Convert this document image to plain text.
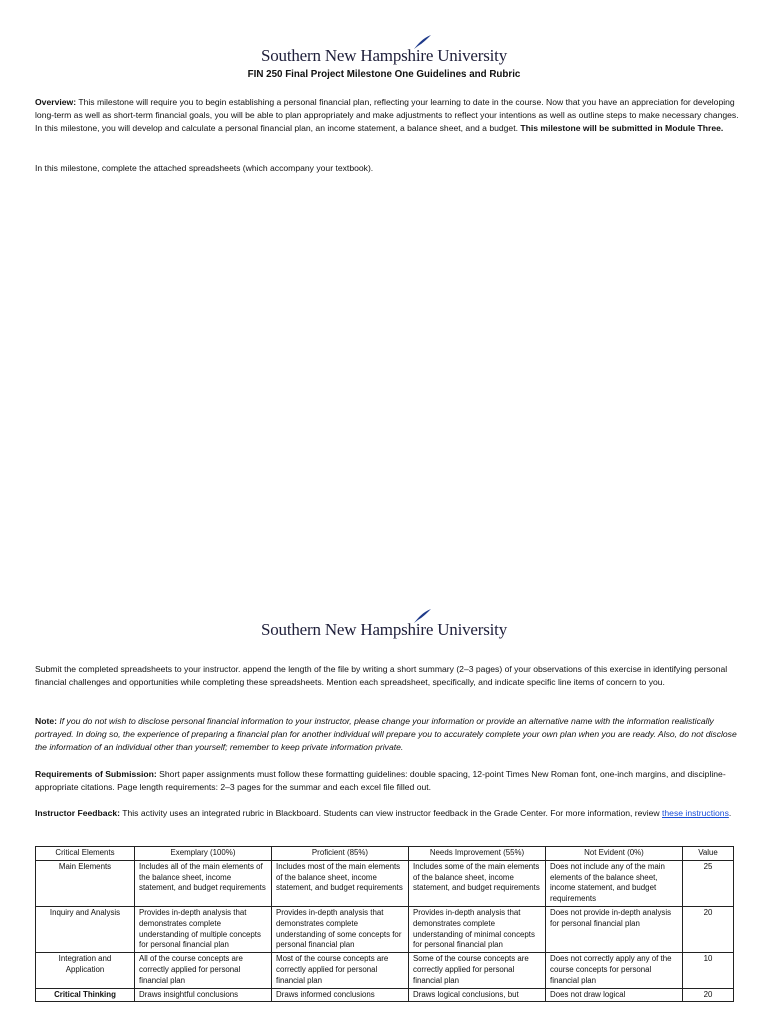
Southern New Hampshire University
FIN 250 Final Project Milestone One Guidelines and Rubric
Overview: This milestone will require you to begin establishing a personal financial plan, reflecting your learning to date in the course. Now that you have an appreciation for developing long-term as well as short-term financial goals, you will be able to plan appropriately and make adjustments to reflect your intentions as well as outline steps to make necessary changes. In this milestone, you will develop and calculate a personal financial plan, an income statement, a balance sheet, and a budget. This milestone will be submitted in Module Three.
In this milestone, complete the attached spreadsheets (which accompany your textbook).
Southern New Hampshire University
Submit the completed spreadsheets to your instructor. append the length of the file by writing a short summary (2–3 pages) of your observations of this exercise in identifying personal financial challenges and opportunities while completing these spreadsheets. Mention each spreadsheet, specifically, and indicate specific line items of concern to you.
Note: If you do not wish to disclose personal financial information to your instructor, please change your information or provide an alternative name with the information realistically portrayed. In doing so, the experience of preparing a financial plan for another individual will prepare you to accurately complete your own plan when you are ready. Also, do not disclose the information of an individual other than yourself; remember to keep private information private.
Requirements of Submission: Short paper assignments must follow these formatting guidelines: double spacing, 12-point Times New Roman font, one-inch margins, and discipline-appropriate citations. Page length requirements: 2–3 pages for the summar and each excel file filled out.
Instructor Feedback: This activity uses an integrated rubric in Blackboard. Students can view instructor feedback in the Grade Center. For more information, review these instructions.
Critical Elements	Exemplary (100%)	Proficient (85%)	Needs Improvement (55%)	Not Evident (0%)	Value
Main Elements	Includes all of the main elements of the balance sheet, income statement, and budget requirements	Includes most of the main elements of the balance sheet, income statement, and budget requirements	Includes some of the main elements of the balance sheet, income statement, and budget requirements	Does not include any of the main elements of the balance sheet, income statement, and budget requirements	25
Inquiry and Analysis	Provides in-depth analysis that demonstrates complete understanding of multiple concepts for personal financial plan	Provides in-depth analysis that demonstrates complete understanding of some concepts for personal financial plan	Provides in-depth analysis that demonstrates complete understanding of minimal concepts for personal financial plan	Does not provide in-depth analysis for personal financial plan	20
Integration and Application	All of the course concepts are correctly applied for personal financial plan	Most of the course concepts are correctly applied for personal financial plan	Some of the course concepts are correctly applied for personal financial plan	Does not correctly apply any of the course concepts for personal financial plan	10
Critical Thinking	Draws insightful conclusions	Draws informed conclusions	Draws logical conclusions, but	Does not draw logical	20
